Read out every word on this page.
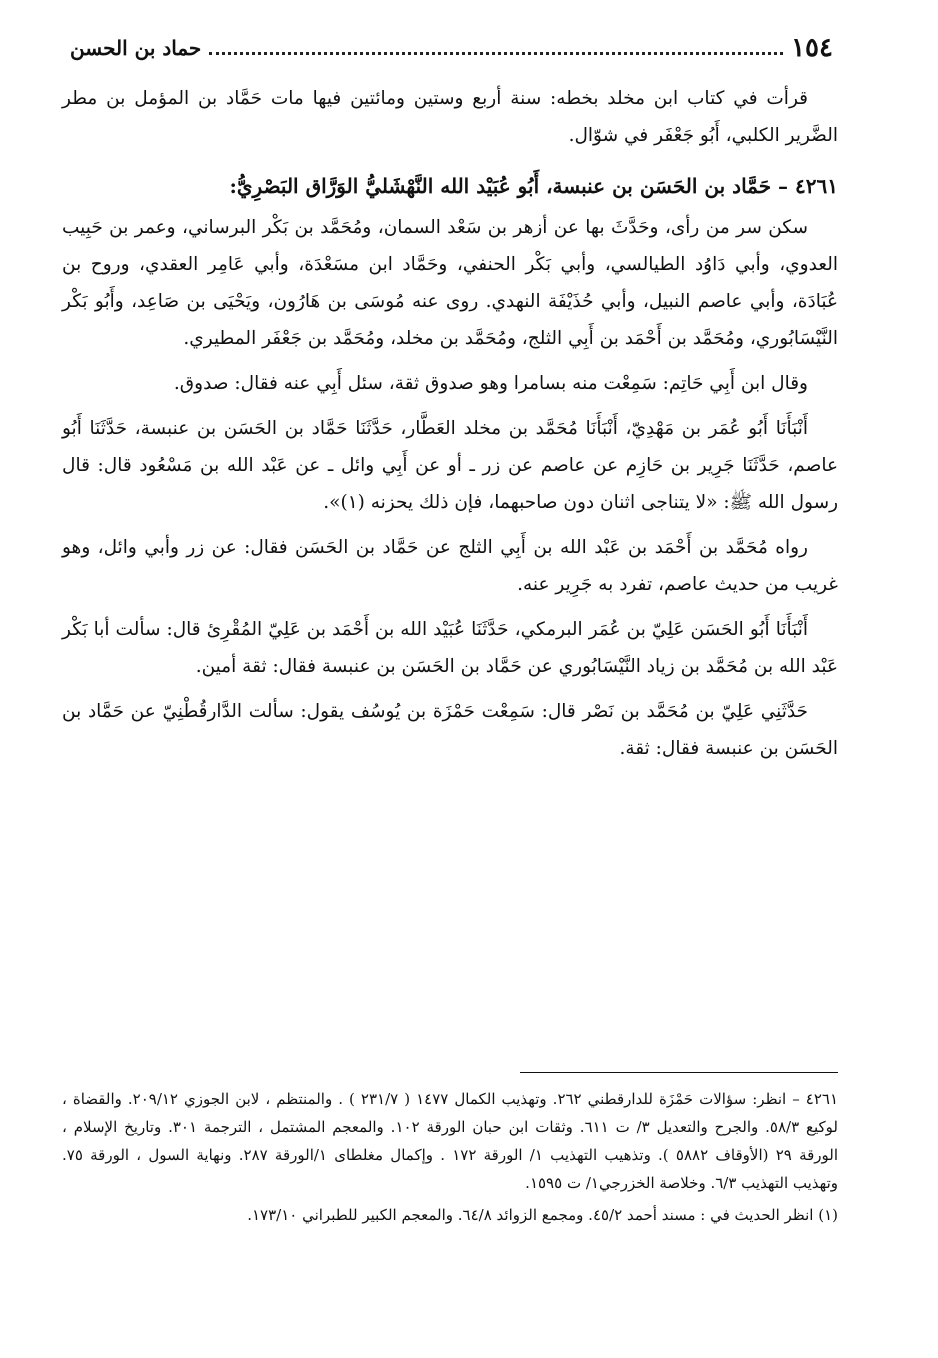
١٥٤
حماد بن الحسن

قرأت في كتاب ابن مخلد بخطه: سنة أربع وستين ومائتين فيها مات حَمَّاد بن المؤمل بن مطر الضَّرير الكلبي، أَبُو جَعْفَر في شوّال.

٤٢٦١ – حَمَّاد بن الحَسَن بن عنبسة، أَبُو عُبَيْد الله النَّهْشَليُّ الوَرَّاق البَصْرِيُّ:

سكن سر من رأى، وحَدَّثَ بها عن أزهر بن سَعْد السمان، ومُحَمَّد بن بَكْر البرساني، وعمر بن حَبِيب العدوي، وأبي دَاوُد الطيالسي، وأبي بَكْر الحنفي، وحَمَّاد ابن مسَعْدَة، وأبي عَامِر العقدي، وروح بن عُبَادَة، وأبي عاصم النبيل، وأبي حُذَيْفَة النهدي. روى عنه مُوسَى بن هَارُون، ويَحْيَى بن صَاعِد، وأَبُو بَكْر النَّيْسَابُوري، ومُحَمَّد بن أَحْمَد بن أَبِي الثلج، ومُحَمَّد بن مخلد، ومُحَمَّد بن جَعْفَر المطيري.

وقال ابن أَبِي حَاتِم: سَمِعْت منه بسامرا وهو صدوق ثقة، سئل أَبِي عنه فقال: صدوق.

أَنْبَأَنَا أَبُو عُمَر بن مَهْدِيّ، أَنْبَأَنَا مُحَمَّد بن مخلد العَطَّار، حَدَّثَنَا حَمَّاد بن الحَسَن بن عنبسة، حَدَّثَنَا أَبُو عاصم، حَدَّثَنَا جَرِير بن حَازِم عن عاصم عن زر ـ أو عن أَبِي وائل ـ عن عَبْد الله بن مَسْعُود قال: قال رسول الله ﷺ: «لا يتناجى اثنان دون صاحبهما، فإن ذلك يحزنه (١)».

رواه مُحَمَّد بن أَحْمَد بن عَبْد الله بن أَبِي الثلج عن حَمَّاد بن الحَسَن فقال: عن زر وأبي وائل، وهو غريب من حديث عاصم، تفرد به جَرِير عنه.

أَنْبَأَنَا أَبُو الحَسَن عَلِيّ بن عُمَر البرمكي، حَدَّثَنَا عُبَيْد الله بن أَحْمَد بن عَلِيّ المُقْرِئ قال: سألت أبا بَكْر عَبْد الله بن مُحَمَّد بن زياد النَّيْسَابُوري عن حَمَّاد بن الحَسَن بن عنبسة فقال: ثقة أمين.

حَدَّثَنِي عَلِيّ بن مُحَمَّد بن نَصْر قال: سَمِعْت حَمْزَة بن يُوسُف يقول: سألت الدَّارقُطْنِيّ عن حَمَّاد بن الحَسَن بن عنبسة فقال: ثقة.

٤٢٦١ – انظر: سؤالات حَمْزَة للدارقطني ٢٦٢. وتهذيب الكمال ١٤٧٧ ( ٢٣١/٧ ) . والمنتظم ، لابن الجوزي ٢٠٩/١٢. والقضاة ، لوكيع ٥٨/٣. والجرح والتعديل ٣/ ت ٦١١. وثقات ابن حبان الورقة ١٠٢. والمعجم المشتمل ، الترجمة ٣٠١. وتاريخ الإسلام ، الورقة ٢٩ (الأوقاف ٥٨٨٢ ). وتذهيب التهذيب ١/ الورقة ١٧٢ . وإكمال مغلطاى ١/الورقة ٢٨٧. ونهاية السول ، الورقة ٧٥. وتهذيب التهذيب ٦/٣. وخلاصة الخزرجي١/ ت ١٥٩٥.

(١) انظر الحديث في : مسند أحمد ٤٥/٢. ومجمع الزوائد ٦٤/٨. والمعجم الكبير للطبراني ١٧٣/١٠.
